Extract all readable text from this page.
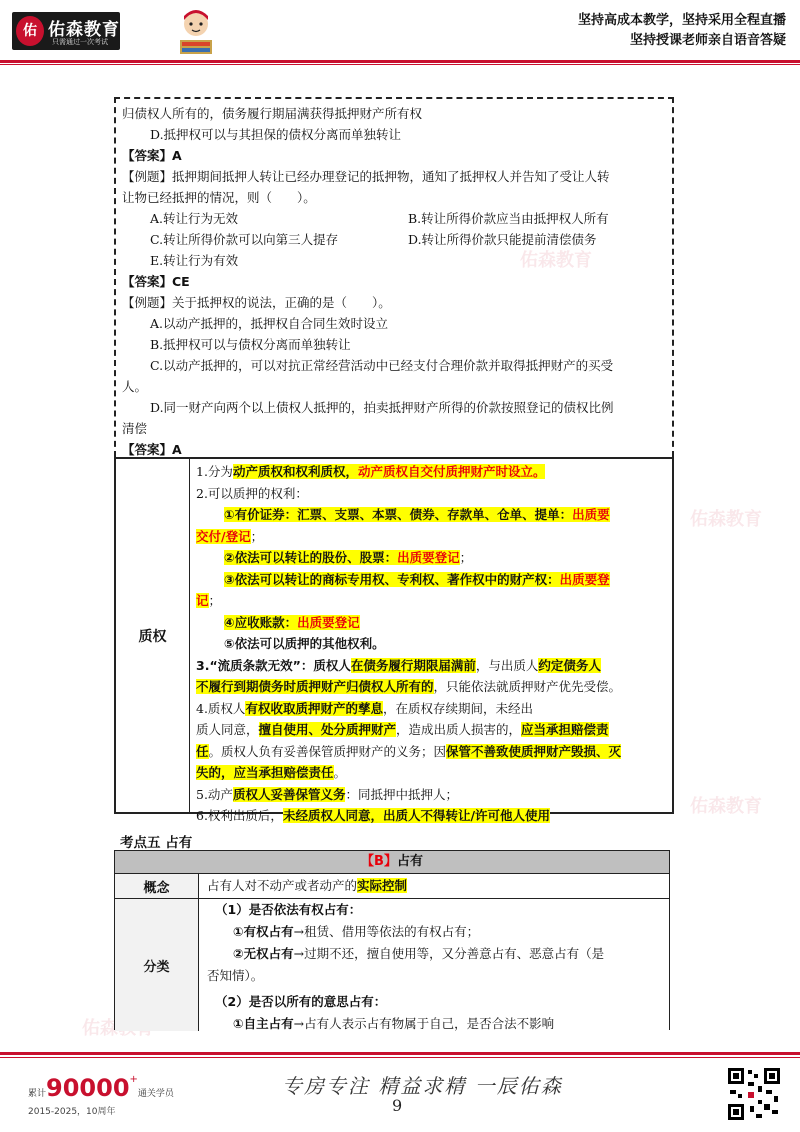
佑 佑森教育
只需通过一次考试
坚持高成本教学，坚持采用全程直播
坚持授课老师亲自语音答疑
佑森教育
佑森教育
佑森教育

归债权人所有的，债务履行期届满获得抵押财产所有权

D.抵押权可以与其担保的债权分离而单独转让

【答案】A

【例题】抵押期间抵押人转让已经办理登记的抵押物，通知了抵押权人并告知了受让人转

让物已经抵押的情况，则（　　）。

A.转让行为无效	B.转让所得价款应当由抵押权人所有
C.转让所得价款可以向第三人提存	D.转让所得价款只能提前清偿债务

E.转让行为有效

【答案】CE

【例题】关于抵押权的说法，正确的是（　　）。

A.以动产抵押的，抵押权自合同生效时设立

B.抵押权可以与债权分离而单独转让

C.以动产抵押的，可以对抗正常经营活动中已经支付合理价款并取得抵押财产的买受

人。

D.同一财产向两个以上债权人抵押的，拍卖抵押财产所得的价款按照登记的债权比例

清偿

【答案】A

质权

1.分为动产质权和权利质权，动产质权自交付质押财产时设立。

2.可以质押的权利：

①有价证券：汇票、支票、本票、债券、存款单、仓单、提单：出质要

交付/登记；

②依法可以转让的股份、股票：出质要登记；

③依法可以转让的商标专用权、专利权、著作权中的财产权：出质要登

记；

④应收账款：出质要登记

⑤依法可以质押的其他权利。

3.“流质条款无效”：质权人在债务履行期限届满前，与出质人约定债务人

不履行到期债务时质押财产归债权人所有的，只能依法就质押财产优先受偿。

4.质权人有权收取质押财产的孳息，在质权存续期间，未经出

质人同意，擅自使用、处分质押财产，造成出质人损害的，应当承担赔偿责

任。质权人负有妥善保管质押财产的义务；因保管不善致使质押财产毁损、灭

失的，应当承担赔偿责任。

5.动产质权人妥善保管义务：同抵押中抵押人；

6.权利出质后，未经质权人同意，出质人不得转让/许可他人使用

考点五 占有
【B】占有
概念	占有人对不动产或者动产的实际控制
分类

（1）是否依法有权占有：

①有权占有→租赁、借用等依法的有权占有；

②无权占有→过期不还，擅自使用等，又分善意占有、恶意占有（是

否知情）。

（2）是否以所有的意思占有：

①自主占有→占有人表示占有物属于自己，是否合法不影响

累计90000+通关学员
2015-2025，10周年
专房专注 精益求精 一辰佑森
9
